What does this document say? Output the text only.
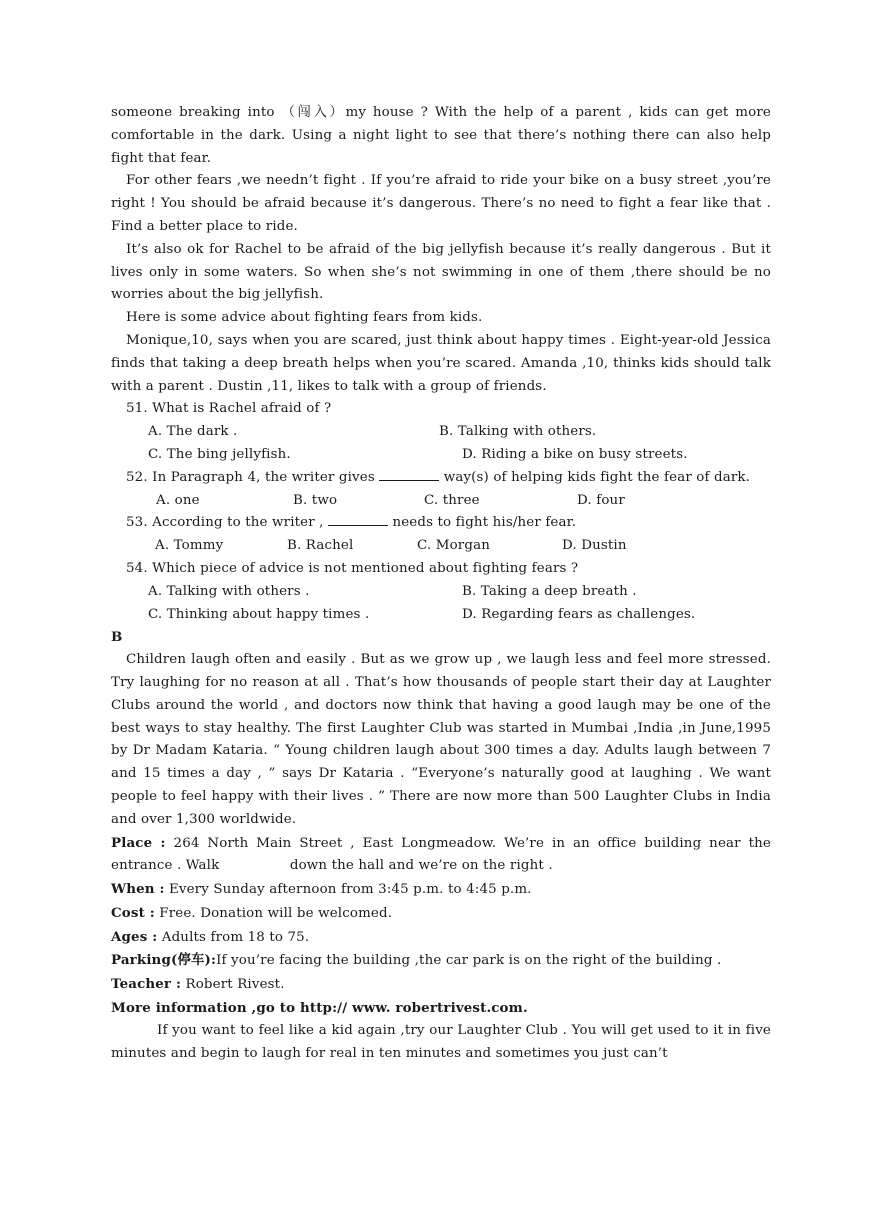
someone breaking into （闯入）my house ? With the help of a parent , kids can get more comfortable in the dark. Using a night light to see that there’s nothing there can also help fight that fear.

For other fears ,we needn’t fight . If you’re afraid to ride your bike on a busy street ,you’re right ! You should be afraid because it’s dangerous. There’s no need to fight a fear like that . Find a better place to ride.

It’s also ok for Rachel to be afraid of the big jellyfish because it’s really dangerous . But it lives only in some waters. So when she’s not swimming in one of them ,there should be no worries about the big jellyfish.

Here is some advice about fighting fears from kids.

Monique,10, says when you are scared, just think about happy times . Eight-year-old Jessica finds that taking a deep breath helps when you’re scared. Amanda ,10, thinks kids should talk with a parent . Dustin ,11, likes to talk with a group of friends.

51. What is Rachel afraid of ?

A. The dark .	B. Talking with others.
C. The bing jellyfish.	D. Riding a bike on busy streets.

52. In Paragraph 4, the writer gives	way(s) of helping kids fight the fear of dark.

A. one	B. two	C. three	D. four

53. According to the writer ,	needs to fight his/her fear.

A. Tommy	B. Rachel	C. Morgan	D. Dustin

54. Which piece of advice is not mentioned about fighting fears ?

A. Talking with others .	B. Taking a deep breath .
C. Thinking about happy times .	D. Regarding fears as challenges.

B

Children laugh often and easily . But as we grow up , we laugh less and feel more stressed. Try laughing for no reason at all . That’s how thousands of people start their day at Laughter Clubs around the world , and doctors now think that having a good laugh may be one of the best ways to stay healthy. The first Laughter Club was started in Mumbai ,India ,in June,1995 by Dr Madam Kataria. “ Young children laugh about 300 times a day. Adults laugh between 7 and 15 times a day , ” says Dr Kataria . “Everyone’s naturally good at laughing . We want people to feel happy with their lives . ” There are now more than 500 Laughter Clubs in India and over 1,300 worldwide.

Place : 264 North Main Street , East Longmeadow. We’re in an office building near the entrance . Walk                down the hall and we’re on the right .

When : Every Sunday afternoon from 3:45 p.m. to 4:45 p.m.

Cost : Free. Donation will be welcomed.

Ages : Adults from 18 to 75.

Parking(停车):If you’re facing the building ,the car park is on the right of the building .

Teacher : Robert Rivest.

More information ,go to http:// www. robertrivest.com.

If you want to feel like a kid again ,try our Laughter Club . You will get used to it in five minutes and begin to laugh for real in ten minutes and sometimes you just can’t
